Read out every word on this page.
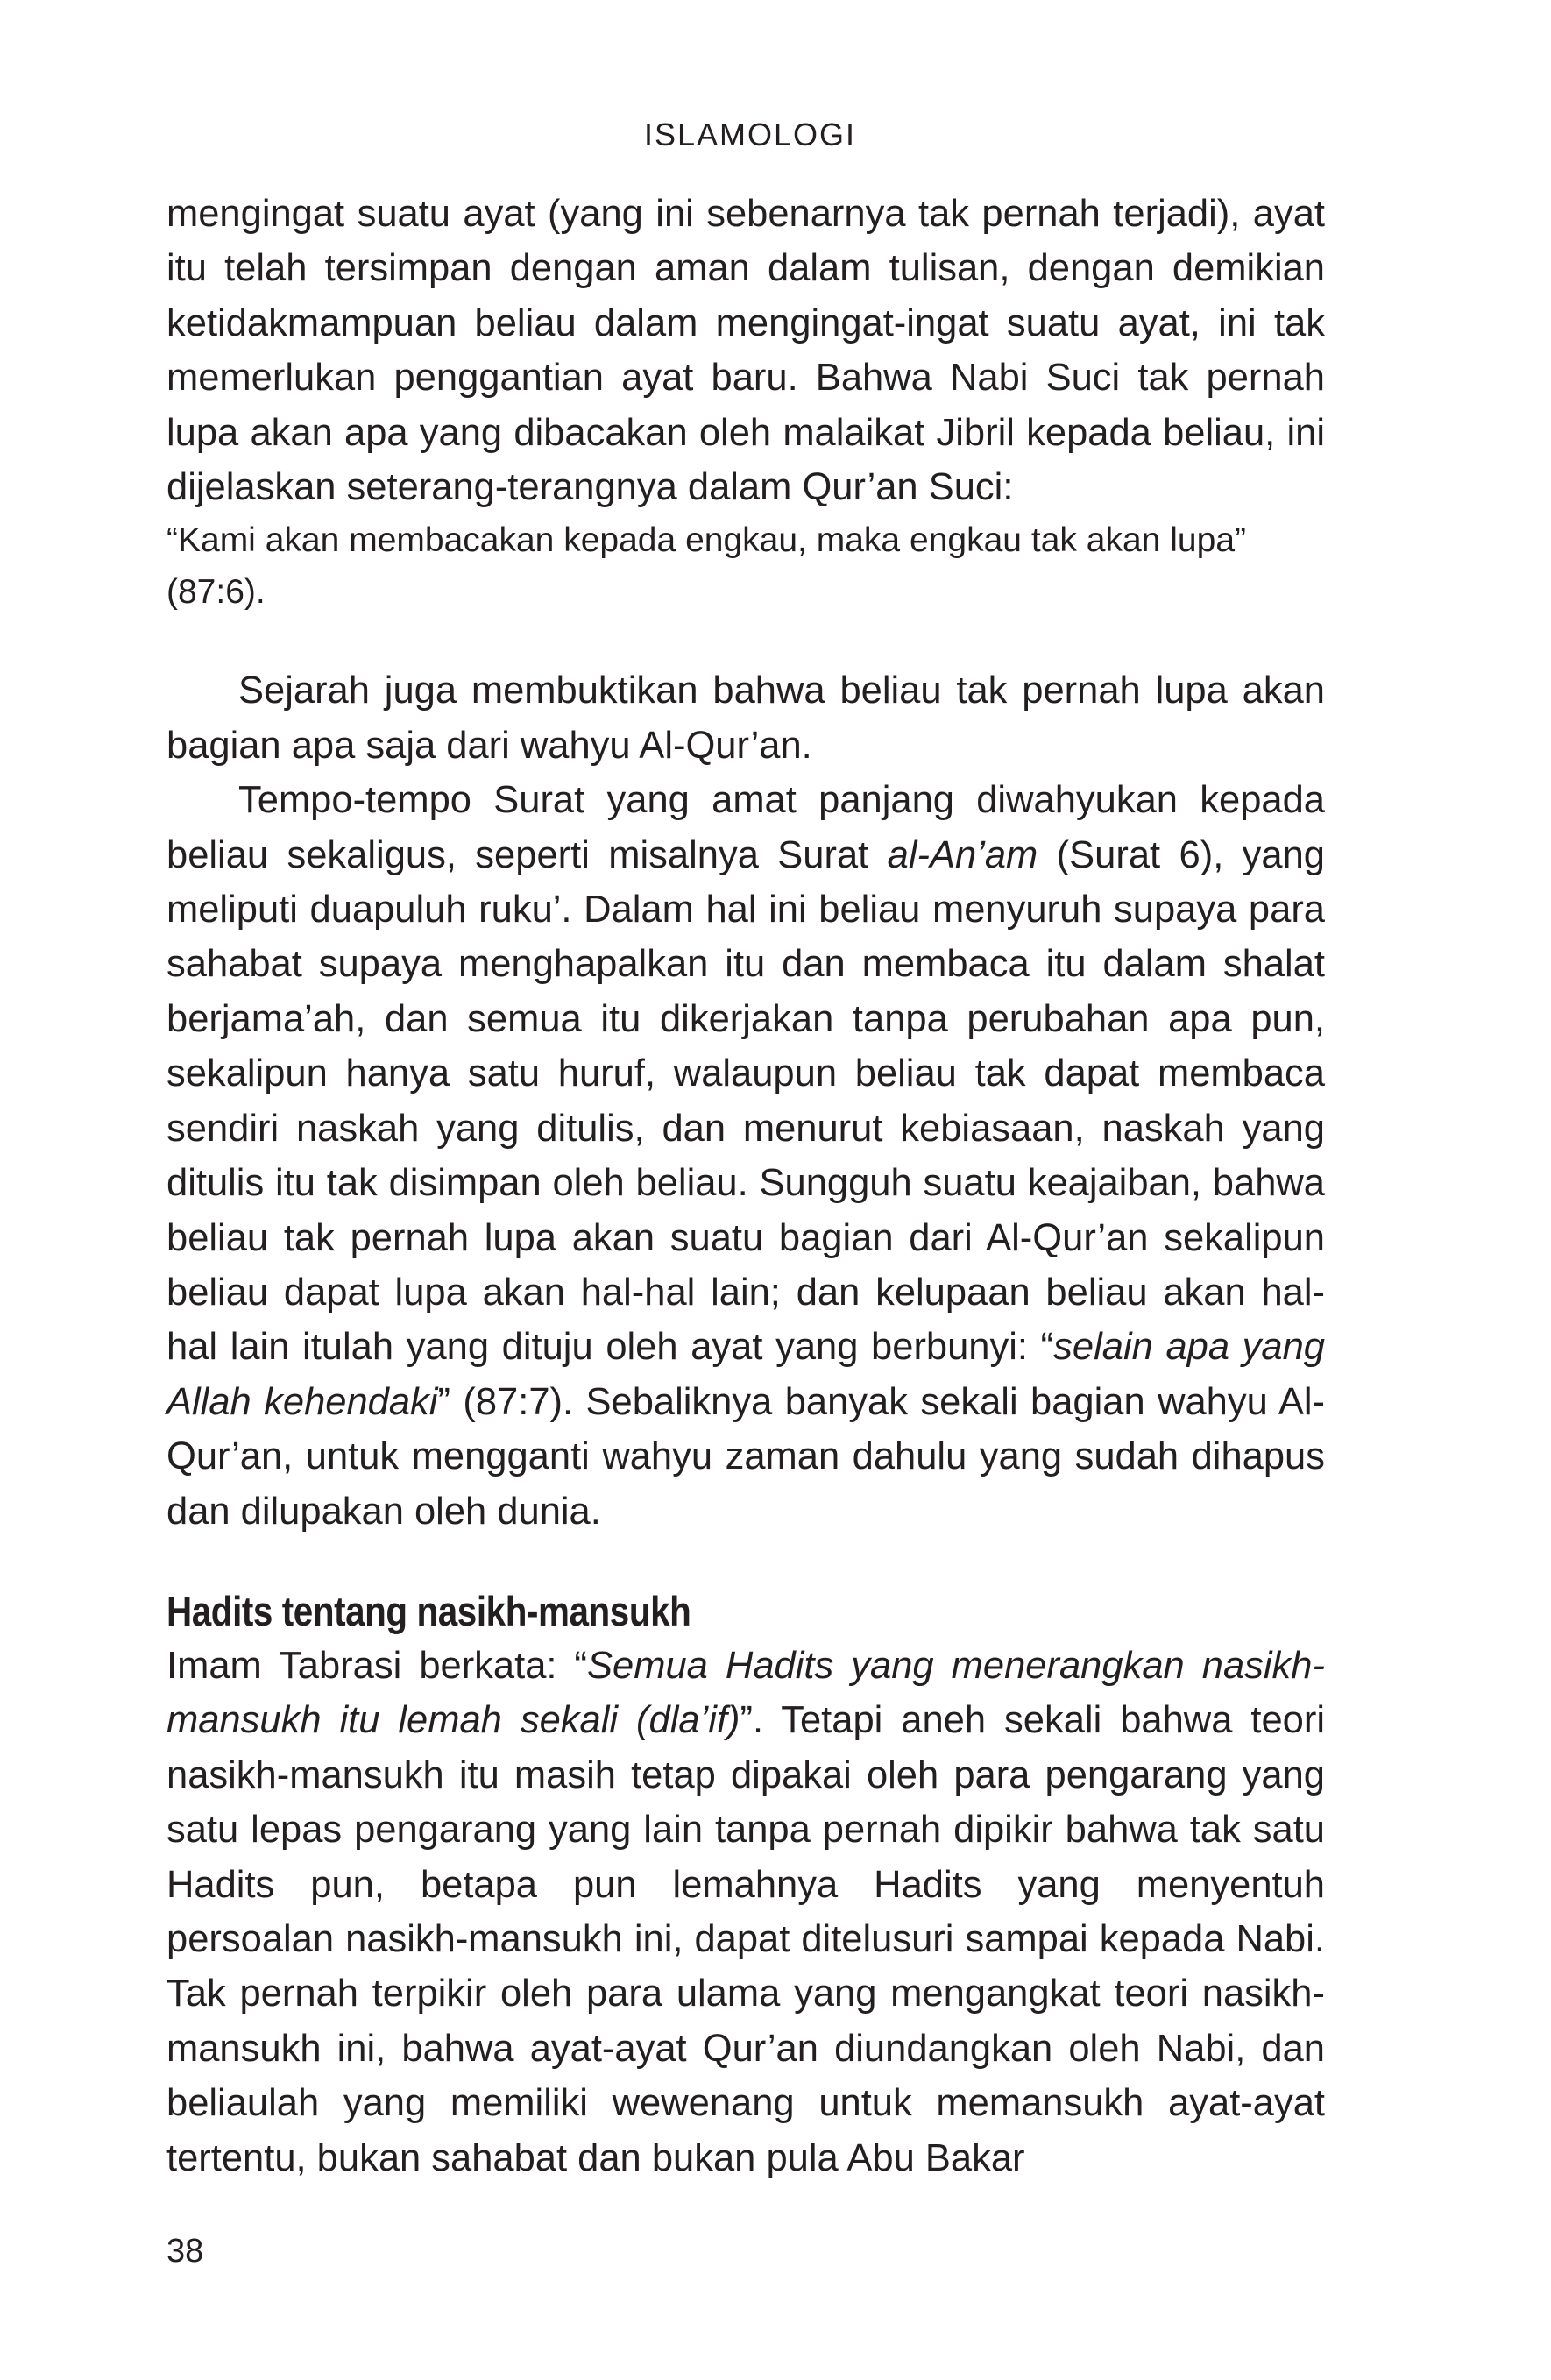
ISLAMOLOGI

mengingat suatu ayat (yang ini sebenarnya tak pernah terjadi), ayat itu telah tersimpan dengan aman dalam tulisan, dengan demikian ketidakmampuan beliau dalam mengingat-ingat suatu ayat, ini tak memerlukan penggantian ayat baru. Bahwa Nabi Suci tak pernah lupa akan apa yang dibacakan oleh malaikat Jibril kepada beliau, ini dijelaskan seterang-terangnya dalam Qur’an Suci:

“Kami akan membacakan kepada engkau, maka engkau tak akan lupa” (87:6).

Sejarah juga membuktikan bahwa beliau tak pernah lupa akan bagian apa saja dari wahyu Al-Qur’an.

Tempo-tempo Surat yang amat panjang diwahyukan kepada beliau sekaligus, seperti misalnya Surat al-An’am (Surat 6), yang meliputi duapuluh ruku’. Dalam hal ini beliau menyuruh supaya para sahabat supaya menghapalkan itu dan membaca itu dalam shalat berjama’ah, dan semua itu dikerjakan tanpa perubahan apa pun, sekalipun hanya satu huruf, walaupun beliau tak dapat membaca sendiri naskah yang ditulis, dan menurut kebiasaan, naskah yang ditulis itu tak disimpan oleh beliau. Sungguh suatu keajaiban, bahwa beliau tak pernah lupa akan suatu bagian dari Al-Qur’an sekalipun beliau dapat lupa akan hal-hal lain; dan kelupaan beliau akan hal-hal lain itulah yang dituju oleh ayat yang berbunyi: “selain apa yang Allah kehendaki” (87:7). Sebaliknya banyak sekali bagian wahyu Al-Qur’an, untuk mengganti wahyu zaman dahulu yang sudah dihapus dan dilupakan oleh dunia.

Hadits tentang nasikh-mansukh

Imam Tabrasi berkata: “Semua Hadits yang menerangkan nasikh-mansukh itu lemah sekali (dla’if)”. Tetapi aneh sekali bahwa teori nasikh-mansukh itu masih tetap dipakai oleh para pengarang yang satu lepas pengarang yang lain tanpa pernah dipikir bahwa tak satu Hadits pun, betapa pun lemahnya Hadits yang menyentuh persoalan nasikh-mansukh ini, dapat ditelusuri sampai kepada Nabi. Tak pernah terpikir oleh para ulama yang mengangkat teori nasikh-mansukh ini, bahwa ayat-ayat Qur’an diundangkan oleh Nabi, dan beliaulah yang memiliki wewenang untuk memansukh ayat-ayat tertentu, bukan sahabat dan bukan pula Abu Bakar

38
